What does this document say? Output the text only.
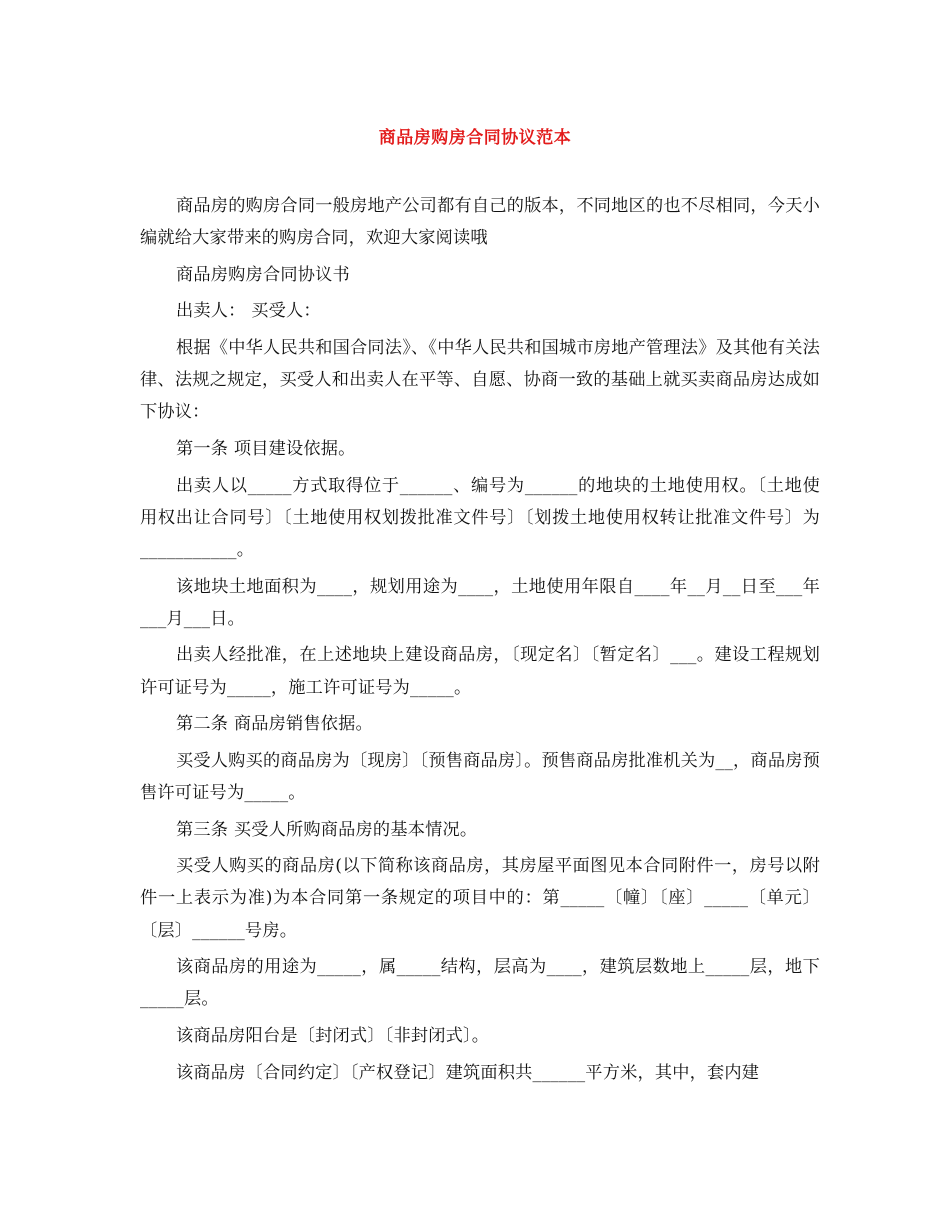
商品房购房合同协议范本

商品房的购房合同一般房地产公司都有自己的版本，不同地区的也不尽相同，今天小编就给大家带来的购房合同，欢迎大家阅读哦

商品房购房合同协议书

出卖人： 买受人：

根据《中华人民共和国合同法》、《中华人民共和国城市房地产管理法》及其他有关法律、法规之规定，买受人和出卖人在平等、自愿、协商一致的基础上就买卖商品房达成如下协议：

第一条 项目建设依据。

出卖人以_____方式取得位于______、编号为______的地块的土地使用权。〔土地使用权出让合同号〕〔土地使用权划拨批准文件号〕〔划拨土地使用权转让批准文件号〕为___________。

该地块土地面积为____，规划用途为____，土地使用年限自____年__月__日至___年___月___日。

出卖人经批准，在上述地块上建设商品房，〔现定名〕〔暂定名〕___。建设工程规划许可证号为_____，施工许可证号为_____。

第二条 商品房销售依据。

买受人购买的商品房为〔现房〕〔预售商品房〕。预售商品房批准机关为__，商品房预售许可证号为_____。

第三条 买受人所购商品房的基本情况。

买受人购买的商品房(以下简称该商品房，其房屋平面图见本合同附件一，房号以附件一上表示为准)为本合同第一条规定的项目中的：第_____〔幢〕〔座〕_____〔单元〕〔层〕______号房。

该商品房的用途为_____，属_____结构，层高为____，建筑层数地上_____层，地下_____层。

该商品房阳台是〔封闭式〕〔非封闭式〕。

该商品房〔合同约定〕〔产权登记〕建筑面积共______平方米，其中，套内建
